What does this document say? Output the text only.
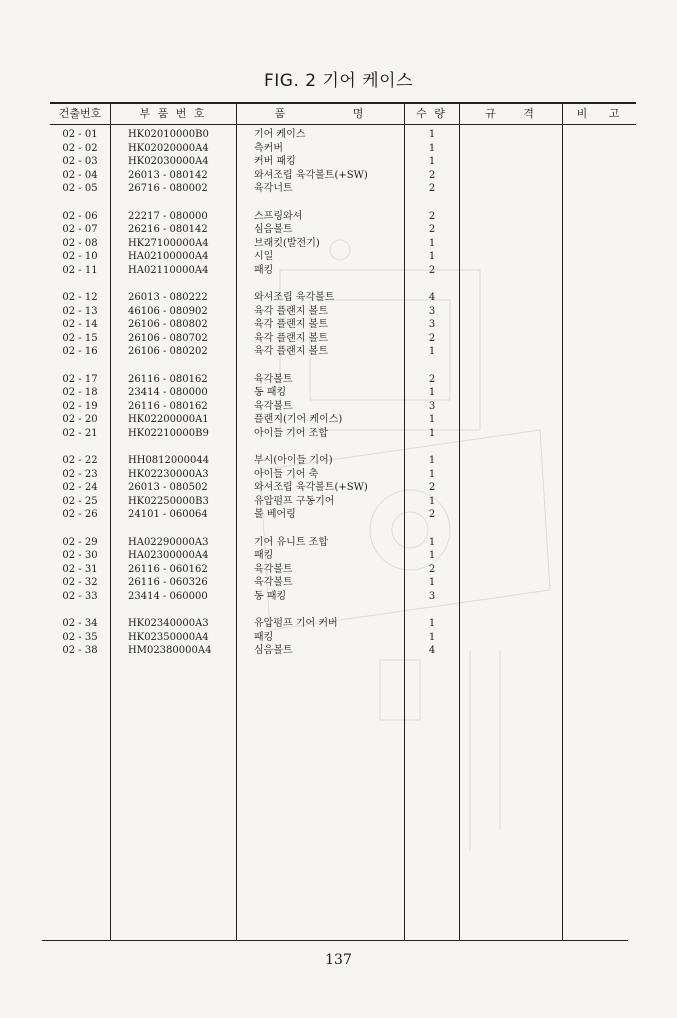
FIG. 2 기어 케이스
건출번호	부 품 번 호	품 명	수 량	규 격	비 고
02 - 01	HK02010000B0	기어 케이스	1
02 - 02	HK02020000A4	측커버	1
02 - 03	HK02030000A4	커버 패킹	1
02 - 04	26013 - 080142	와셔조립 육각볼트(+SW)	2
02 - 05	26716 - 080002	육각너트	2
02 - 06	22217 - 080000	스프링와셔	2
02 - 07	26216 - 080142	심음볼트	2
02 - 08	HK27100000A4	브래킷(발전기)	1
02 - 10	HA02100000A4	시일	1
02 - 11	HA02110000A4	패킹	2
02 - 12	26013 - 080222	와셔조립 육각볼트	4
02 - 13	46106 - 080902	육각 플랜지 볼트	3
02 - 14	26106 - 080802	육각 플랜지 볼트	3
02 - 15	26106 - 080702	육각 플랜지 볼트	2
02 - 16	26106 - 080202	육각 플랜지 볼트	1
02 - 17	26116 - 080162	육각볼트	2
02 - 18	23414 - 080000	동 패킹	1
02 - 19	26116 - 080162	육각볼트	3
02 - 20	HK02200000A1	플랜지(기어 케이스)	1
02 - 21	HK02210000B9	아이들 기어 조합	1
02 - 22	HH0812000044	부시(아이들 기어)	1
02 - 23	HK02230000A3	아이들 기어 축	1
02 - 24	26013 - 080502	와셔조립 육각볼트(+SW)	2
02 - 25	HK02250000B3	유압펌프 구동기어	1
02 - 26	24101 - 060064	볼 베어링	2
02 - 29	HA02290000A3	기어 유니트 조합	1
02 - 30	HA02300000A4	패킹	1
02 - 31	26116 - 060162	육각볼트	2
02 - 32	26116 - 060326	육각볼트	1
02 - 33	23414 - 060000	동 패킹	3
02 - 34	HK02340000A3	유압펌프 기어 커버	1
02 - 35	HK02350000A4	패킹	1
02 - 38	HM02380000A4	심음볼트	4
137
